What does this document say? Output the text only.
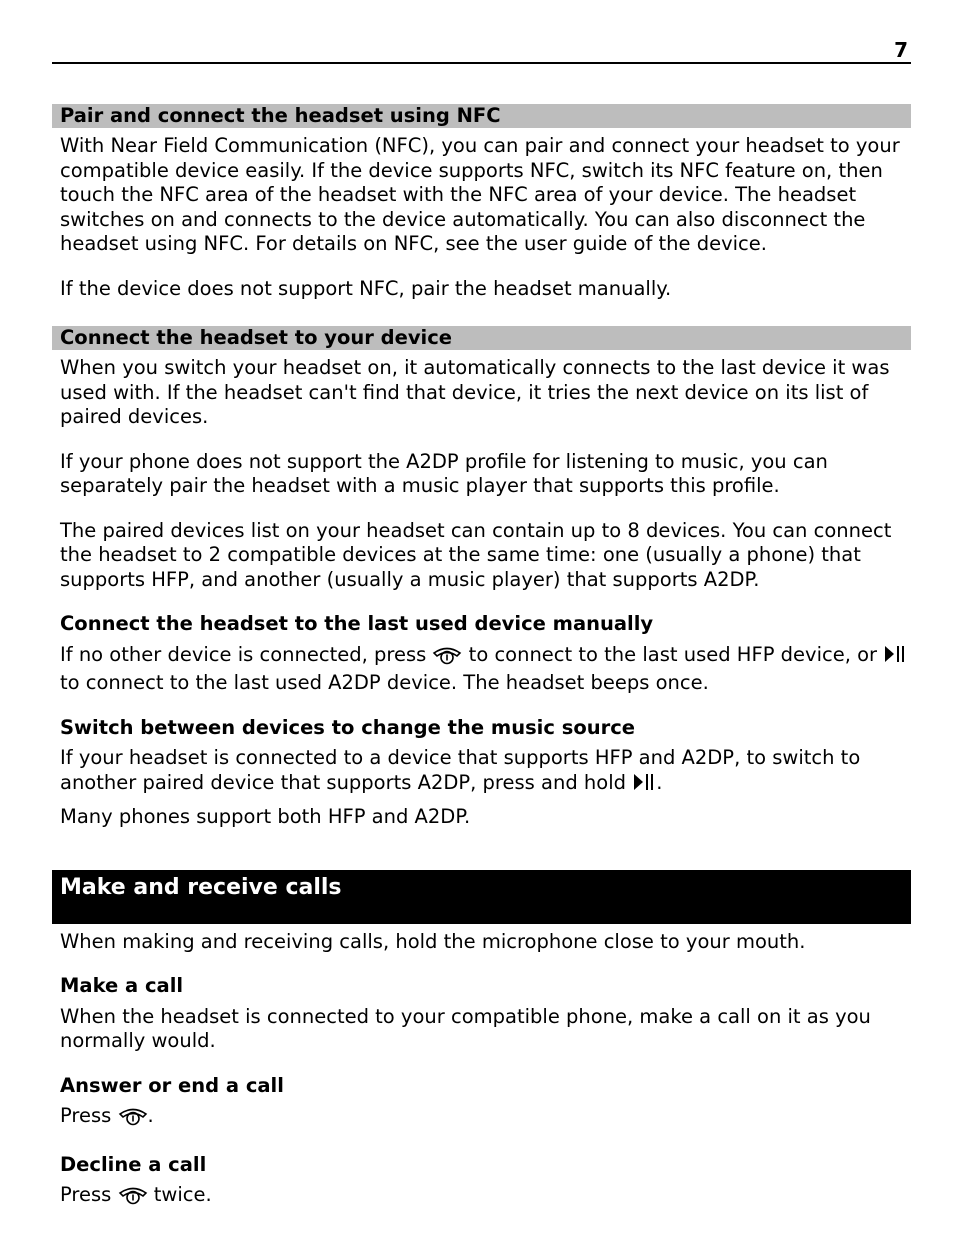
7
Pair and connect the headset using NFC

With Near Field Communication (NFC), you can pair and connect your headset to your compatible device easily. If the device supports NFC, switch its NFC feature on, then touch the NFC area of the headset with the NFC area of your device. The headset switches on and connects to the device automatically. You can also disconnect the headset using NFC. For details on NFC, see the user guide of the device.

If the device does not support NFC, pair the headset manually.

Connect the headset to your device

When you switch your headset on, it automatically connects to the last device it was used with. If the headset can't find that device, it tries the next device on its list of paired devices.

If your phone does not support the A2DP profile for listening to music, you can separately pair the headset with a music player that supports this profile.

The paired devices list on your headset can contain up to 8 devices. You can connect the headset to 2 compatible devices at the same time: one (usually a phone) that supports HFP, and another (usually a music player) that supports A2DP.

Connect the headset to the last used device manually

If no other device is connected, press  to connect to the last used HFP device, or  to connect to the last used A2DP device. The headset beeps once.

Switch between devices to change the music source

If your headset is connected to a device that supports HFP and A2DP, to switch to another paired device that supports A2DP, press and hold .

Many phones support both HFP and A2DP.

Make and receive calls

When making and receiving calls, hold the microphone close to your mouth.

Make a call

When the headset is connected to your compatible phone, make a call on it as you normally would.

Answer or end a call

Press .

Decline a call

Press  twice.
